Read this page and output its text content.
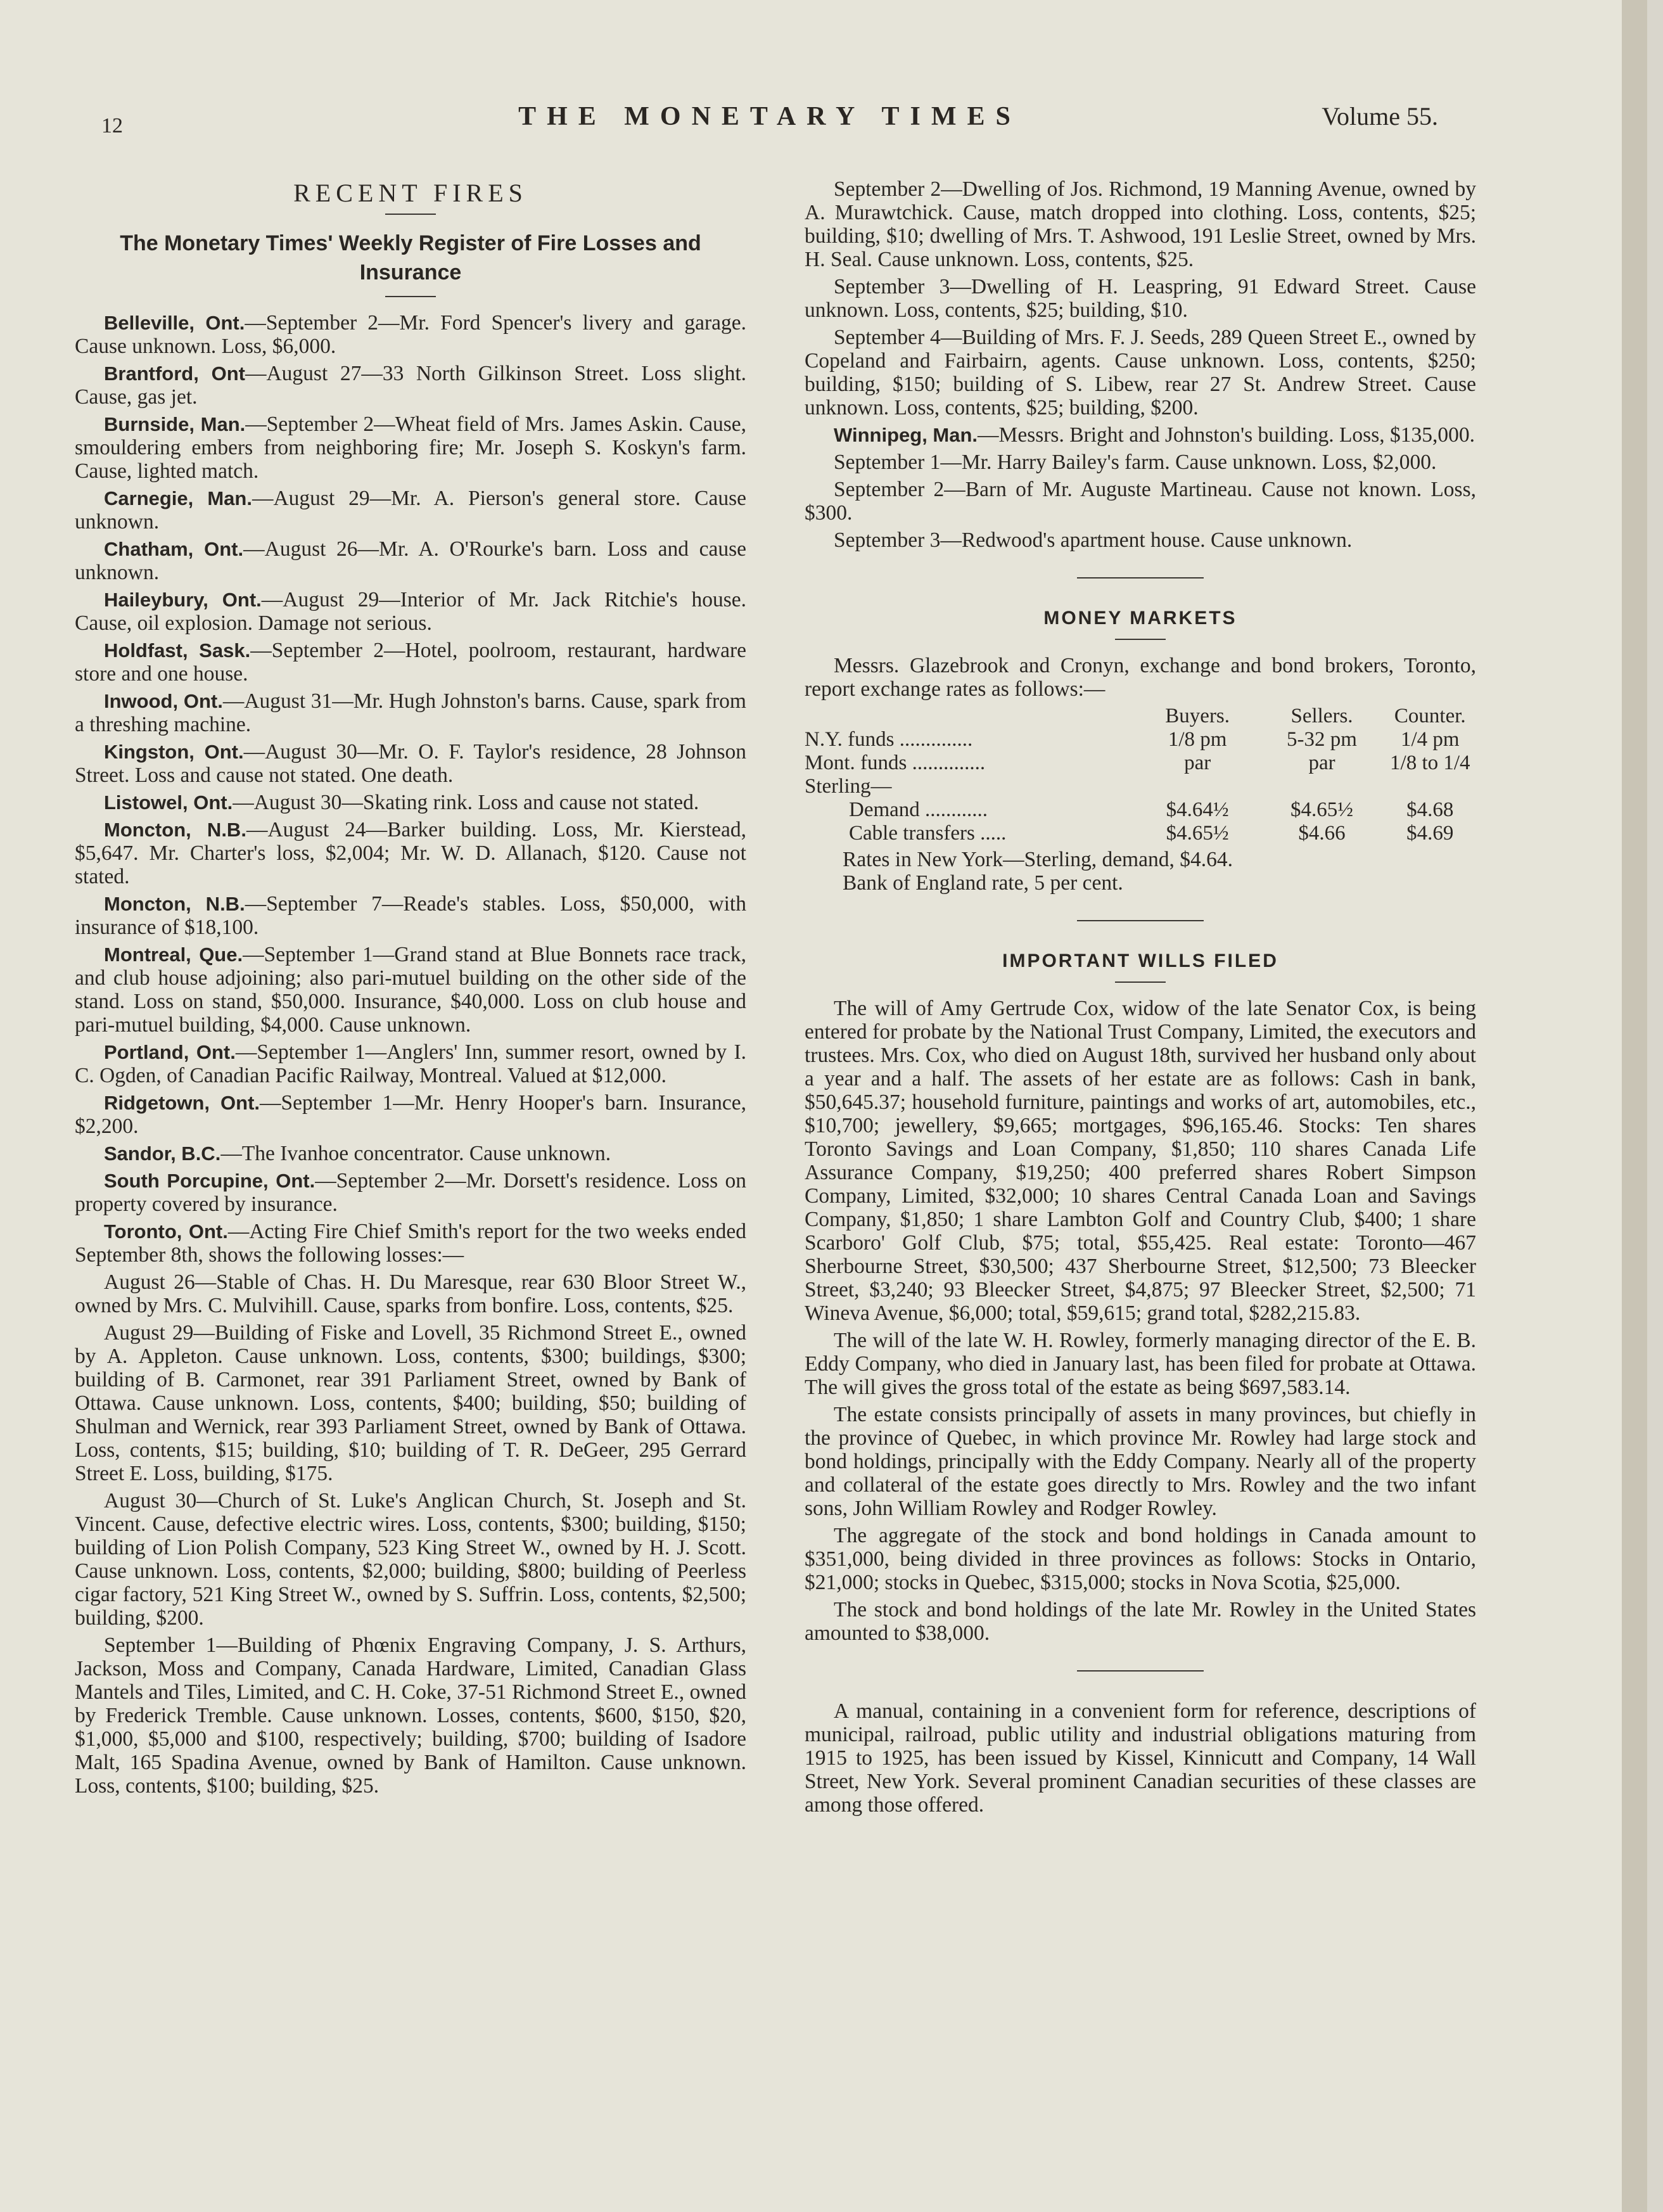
12	THE MONETARY TIMES	Volume 55.
RECENT FIRES
The Monetary Times' Weekly Register of Fire Losses and Insurance

Belleville, Ont.—September 2—Mr. Ford Spencer's livery and garage. Cause unknown. Loss, $6,000.

Brantford, Ont—August 27—33 North Gilkinson Street. Loss slight. Cause, gas jet.

Burnside, Man.—September 2—Wheat field of Mrs. James Askin. Cause, smouldering embers from neighboring fire; Mr. Joseph S. Koskyn's farm. Cause, lighted match.

Carnegie, Man.—August 29—Mr. A. Pierson's general store. Cause unknown.

Chatham, Ont.—August 26—Mr. A. O'Rourke's barn. Loss and cause unknown.

Haileybury, Ont.—August 29—Interior of Mr. Jack Ritchie's house. Cause, oil explosion. Damage not serious.

Holdfast, Sask.—September 2—Hotel, poolroom, restaurant, hardware store and one house.

Inwood, Ont.—August 31—Mr. Hugh Johnston's barns. Cause, spark from a threshing machine.

Kingston, Ont.—August 30—Mr. O. F. Taylor's residence, 28 Johnson Street. Loss and cause not stated. One death.

Listowel, Ont.—August 30—Skating rink. Loss and cause not stated.

Moncton, N.B.—August 24—Barker building. Loss, Mr. Kierstead, $5,647. Mr. Charter's loss, $2,004; Mr. W. D. Allanach, $120. Cause not stated.

Moncton, N.B.—September 7—Reade's stables. Loss, $50,000, with insurance of $18,100.

Montreal, Que.—September 1—Grand stand at Blue Bonnets race track, and club house adjoining; also pari-mutuel building on the other side of the stand. Loss on stand, $50,000. Insurance, $40,000. Loss on club house and pari-mutuel building, $4,000. Cause unknown.

Portland, Ont.—September 1—Anglers' Inn, summer resort, owned by I. C. Ogden, of Canadian Pacific Railway, Montreal. Valued at $12,000.

Ridgetown, Ont.—September 1—Mr. Henry Hooper's barn. Insurance, $2,200.

Sandor, B.C.—The Ivanhoe concentrator. Cause unknown.

South Porcupine, Ont.—September 2—Mr. Dorsett's residence. Loss on property covered by insurance.

Toronto, Ont.—Acting Fire Chief Smith's report for the two weeks ended September 8th, shows the following losses:—

August 26—Stable of Chas. H. Du Maresque, rear 630 Bloor Street W., owned by Mrs. C. Mulvihill. Cause, sparks from bonfire. Loss, contents, $25.

August 29—Building of Fiske and Lovell, 35 Richmond Street E., owned by A. Appleton. Cause unknown. Loss, contents, $300; buildings, $300; building of B. Carmonet, rear 391 Parliament Street, owned by Bank of Ottawa. Cause unknown. Loss, contents, $400; building, $50; building of Shulman and Wernick, rear 393 Parliament Street, owned by Bank of Ottawa. Loss, contents, $15; building, $10; building of T. R. DeGeer, 295 Gerrard Street E. Loss, building, $175.

August 30—Church of St. Luke's Anglican Church, St. Joseph and St. Vincent. Cause, defective electric wires. Loss, contents, $300; building, $150; building of Lion Polish Company, 523 King Street W., owned by H. J. Scott. Cause unknown. Loss, contents, $2,000; building, $800; building of Peerless cigar factory, 521 King Street W., owned by S. Suffrin. Loss, contents, $2,500; building, $200.

September 1—Building of Phœnix Engraving Company, J. S. Arthurs, Jackson, Moss and Company, Canada Hardware, Limited, Canadian Glass Mantels and Tiles, Limited, and C. H. Coke, 37-51 Richmond Street E., owned by Frederick Tremble. Cause unknown. Losses, contents, $600, $150, $20, $1,000, $5,000 and $100, respectively; building, $700; building of Isadore Malt, 165 Spadina Avenue, owned by Bank of Hamilton. Cause unknown. Loss, contents, $100; building, $25.

September 2—Dwelling of Jos. Richmond, 19 Manning Avenue, owned by A. Murawtchick. Cause, match dropped into clothing. Loss, contents, $25; building, $10; dwelling of Mrs. T. Ashwood, 191 Leslie Street, owned by Mrs. H. Seal. Cause unknown. Loss, contents, $25.

September 3—Dwelling of H. Leaspring, 91 Edward Street. Cause unknown. Loss, contents, $25; building, $10.

September 4—Building of Mrs. F. J. Seeds, 289 Queen Street E., owned by Copeland and Fairbairn, agents. Cause unknown. Loss, contents, $250; building, $150; building of S. Libew, rear 27 St. Andrew Street. Cause unknown. Loss, contents, $25; building, $200.

Winnipeg, Man.—Messrs. Bright and Johnston's building. Loss, $135,000.

September 1—Mr. Harry Bailey's farm. Cause unknown. Loss, $2,000.

September 2—Barn of Mr. Auguste Martineau. Cause not known. Loss, $300.

September 3—Redwood's apartment house. Cause unknown.

MONEY MARKETS

Messrs. Glazebrook and Cronyn, exchange and bond brokers, Toronto, report exchange rates as follows:—

	Buyers.	Sellers.	Counter.
N.Y. funds ..............	1/8 pm	5-32 pm	1/4 pm
Mont. funds ..............	par	par	1/8 to 1/4
Sterling—			
Demand ............	$4.64½	$4.65½	$4.68
Cable transfers .....	$4.65½	$4.66	$4.69

Rates in New York—Sterling, demand, $4.64.

Bank of England rate, 5 per cent.

IMPORTANT WILLS FILED

The will of Amy Gertrude Cox, widow of the late Senator Cox, is being entered for probate by the National Trust Company, Limited, the executors and trustees. Mrs. Cox, who died on August 18th, survived her husband only about a year and a half. The assets of her estate are as follows: Cash in bank, $50,645.37; household furniture, paintings and works of art, automobiles, etc., $10,700; jewellery, $9,665; mortgages, $96,165.46. Stocks: Ten shares Toronto Savings and Loan Company, $1,850; 110 shares Canada Life Assurance Company, $19,250; 400 preferred shares Robert Simpson Company, Limited, $32,000; 10 shares Central Canada Loan and Savings Company, $1,850; 1 share Lambton Golf and Country Club, $400; 1 share Scarboro' Golf Club, $75; total, $55,425. Real estate: Toronto—467 Sherbourne Street, $30,500; 437 Sherbourne Street, $12,500; 73 Bleecker Street, $3,240; 93 Bleecker Street, $4,875; 97 Bleecker Street, $2,500; 71 Wineva Avenue, $6,000; total, $59,615; grand total, $282,215.83.

The will of the late W. H. Rowley, formerly managing director of the E. B. Eddy Company, who died in January last, has been filed for probate at Ottawa. The will gives the gross total of the estate as being $697,583.14.

The estate consists principally of assets in many provinces, but chiefly in the province of Quebec, in which province Mr. Rowley had large stock and bond holdings, principally with the Eddy Company. Nearly all of the property and collateral of the estate goes directly to Mrs. Rowley and the two infant sons, John William Rowley and Rodger Rowley.

The aggregate of the stock and bond holdings in Canada amount to $351,000, being divided in three provinces as follows: Stocks in Ontario, $21,000; stocks in Quebec, $315,000; stocks in Nova Scotia, $25,000.

The stock and bond holdings of the late Mr. Rowley in the United States amounted to $38,000.

A manual, containing in a convenient form for reference, descriptions of municipal, railroad, public utility and industrial obligations maturing from 1915 to 1925, has been issued by Kissel, Kinnicutt and Company, 14 Wall Street, New York. Several prominent Canadian securities of these classes are among those offered.
